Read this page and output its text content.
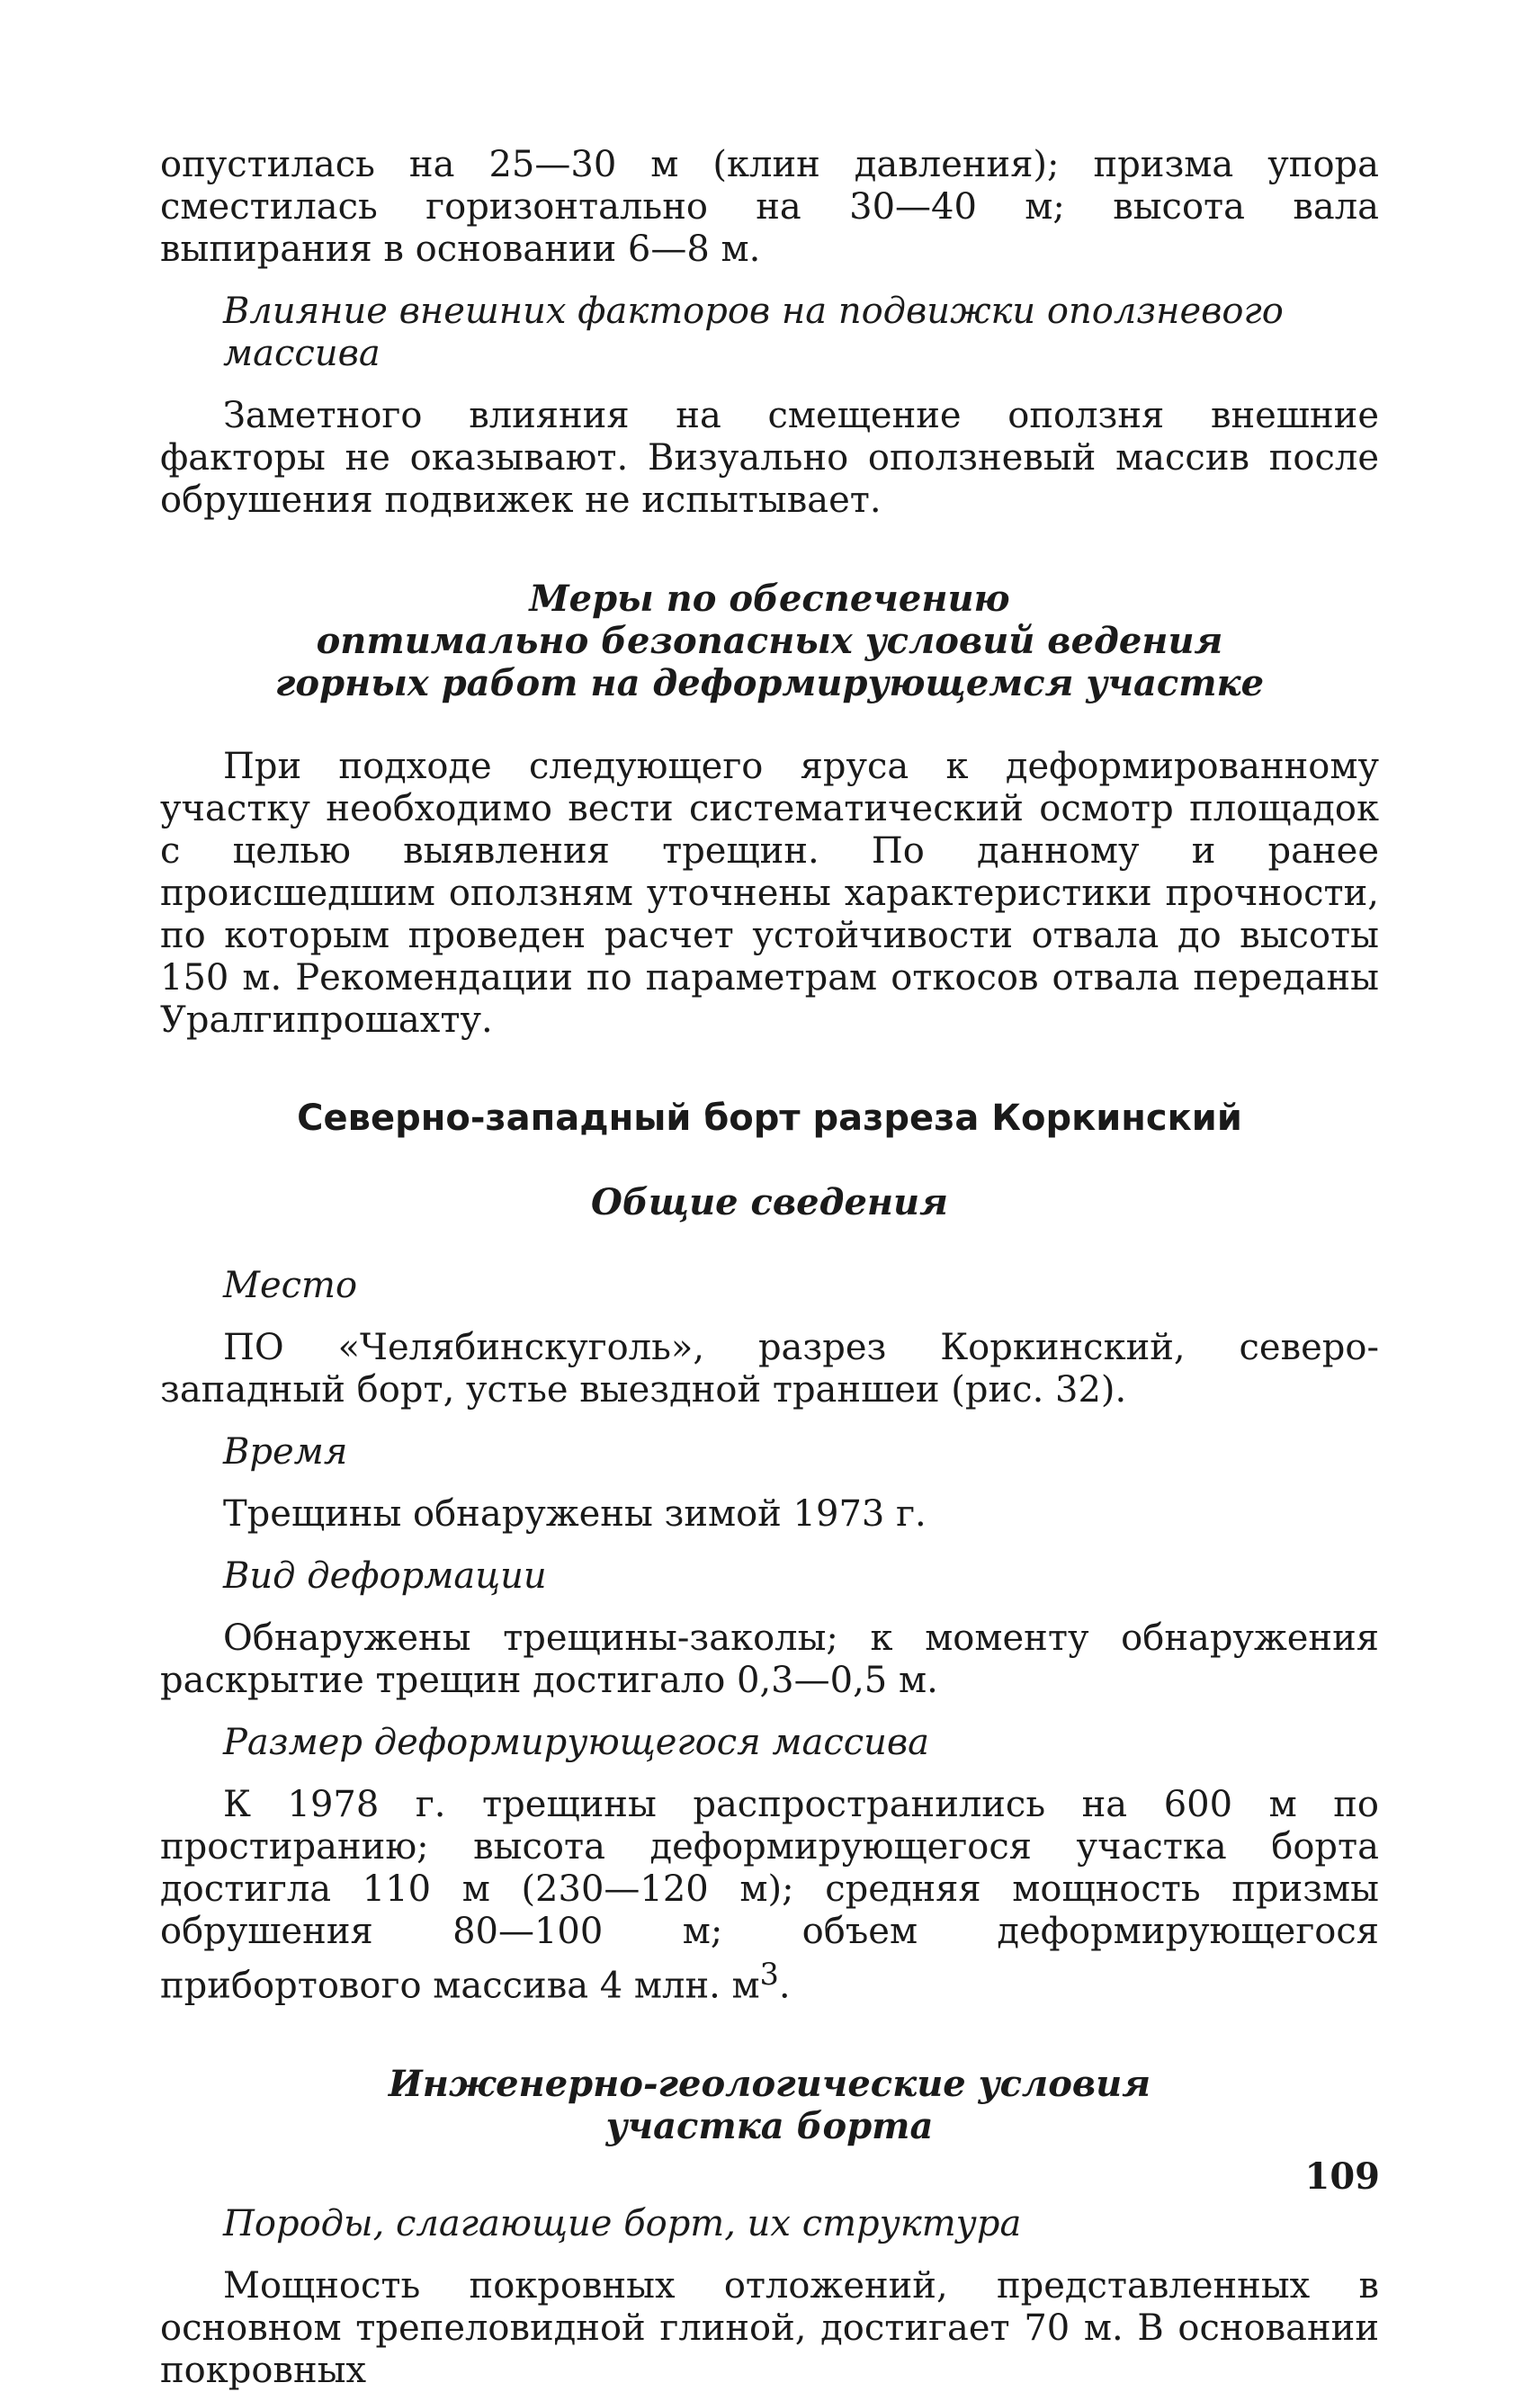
опустилась на 25—30 м (клин давления); призма упора сместилась горизонтально на 30—40 м; высота вала выпирания в основании 6—8 м.

Влияние внешних факторов на подвижки оползневого массива

Заметного влияния на смещение оползня внешние факторы не оказывают. Визуально оползневый массив после обрушения подвижек не испытывает.

Меры по обеспечению

оптимально безопасных условий ведения

горных работ на деформирующемся участке

При подходе следующего яруса к деформированному участку необходимо вести систематический осмотр площадок с целью выявления трещин. По данному и ранее происшедшим оползням уточнены характеристики прочности, по которым проведен расчет устойчивости отвала до высоты 150 м. Рекомендации по параметрам откосов отвала переданы Уралгипрошахту.

Северно-западный борт разреза Коркинский

Общие сведения

Место

ПО «Челябинскуголь», разрез Коркинский, северо-западный борт, устье выездной траншеи (рис. 32).

Время

Трещины обнаружены зимой 1973 г.

Вид деформации

Обнаружены трещины-заколы; к моменту обнаружения раскрытие трещин достигало 0,3—0,5 м.

Размер деформирующегося массива

К 1978 г. трещины распространились на 600 м по простиранию; высота деформирующегося участка борта достигла 110 м (230—120 м); средняя мощность призмы обрушения 80—100 м; объем деформирующегося прибортового массива 4 млн. $м^3$.

Инженерно-геологические условия

участка борта

Породы, слагающие борт, их структура

Мощность покровных отложений, представленных в основном трепеловидной глиной, достигает 70 м. В основании покровных

109
